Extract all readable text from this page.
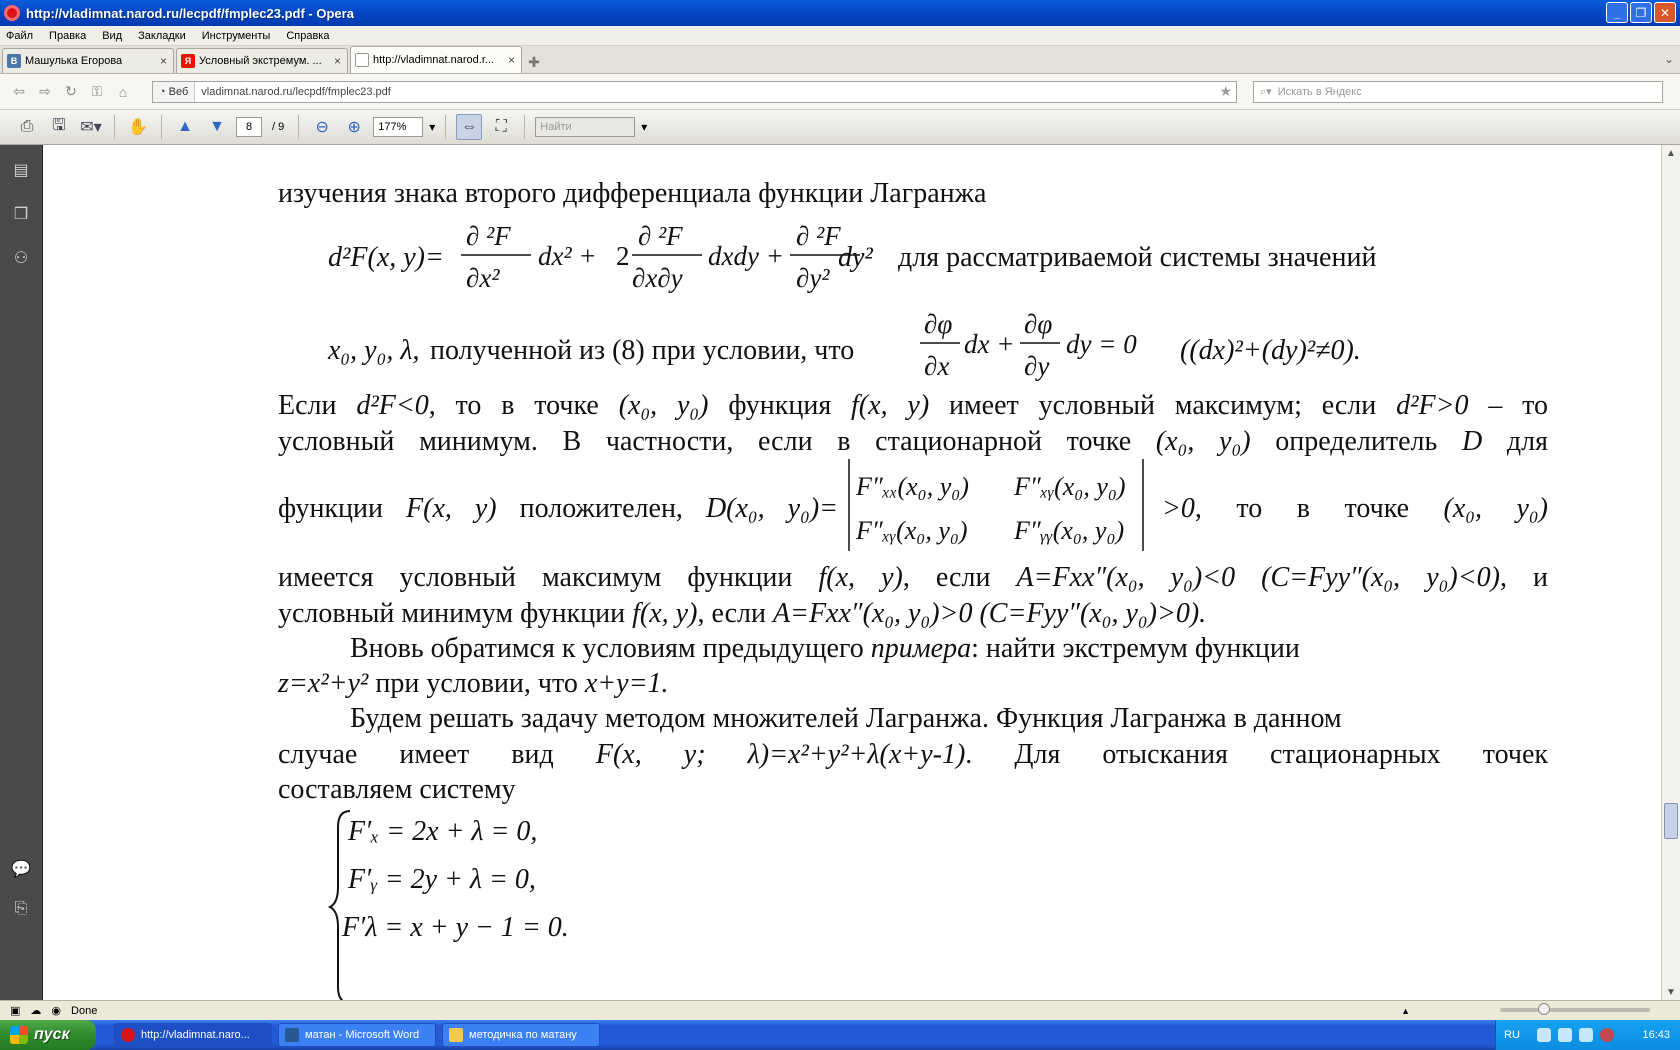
http://vladimnat.narod.ru/lecpdf/fmplec23.pdf - Opera	_	❐	✕
Файл Правка Вид Закладки Инструменты Справка
В Машулька Егорова	×	Я Условный экстремум. ...	×	http://vladimnat.narod.r...	× ✚	⌄
⇦	⇨	↻	⚿	⌂	◔ Веб	vladimnat.narod.ru/lecpdf/fmplec23.pdf	★	⌕▾ Искать в Яндекс
⎙	🖫 ✉▾ ✋	▲	▼	8	/ 9	⊖	⊕	177% ▾	⇔	⛶	Найти	▾
▤
❒
⚇
💬
⎘

изучения знака второго дифференциала функции Лагранжа

d²F(x, y)=
∂ ²F
∂x²
dx² + 2
∂ ²F
∂x∂y
dxdy +
∂ ²F
∂y²
dy² для рассматриваемой системы значений

x₀, y₀, λ, полученной из (8) при условии, что

∂φ
∂x
dx +
∂φ
∂y
dy = 0 ((dx)²+(dy)²≠0).

Если d²F<0, то в точке (x₀, y₀) функция f(x, y) имеет условный максимум; если d²F>0 – то

условный минимум. В частности, если в стационарной точке (x₀, y₀) определитель D для

функции F(x, y) положителен, D(x₀, y₀)=

F″ₓₓ(x₀, y₀) F″ₓᵧ(x₀, y₀)
F″ₓᵧ(x₀, y₀) F″ᵧᵧ(x₀, y₀)

>0, то в точке (x₀, y₀)

имеется условный максимум функции f(x, y), если A=Fxx″(x₀, y₀)<0 (C=Fyy″(x₀, y₀)<0), и

условный минимум функции f(x, y), если A=Fxx″(x₀, y₀)>0 (C=Fyy″(x₀, y₀)>0).

Вновь обратимся к условиям предыдущего примера: найти экстремум функции

z=x²+y² при условии, что x+y=1.

Будем решать задачу методом множителей Лагранжа. Функция Лагранжа в данном

случае имеет вид F(x, y; λ)=x²+y²+λ(x+y-1). Для отыскания стационарных точек

составляем систему

F′ₓ = 2x + λ = 0,
F′ᵧ = 2y + λ = 0,
F′λ = x + y − 1 = 0.
▲
▼
▣ ☁ ◉ Done	▲
пуск	http://vladimnat.naro...	матан - Microsoft Word	методичка по матану	RU	16:43
